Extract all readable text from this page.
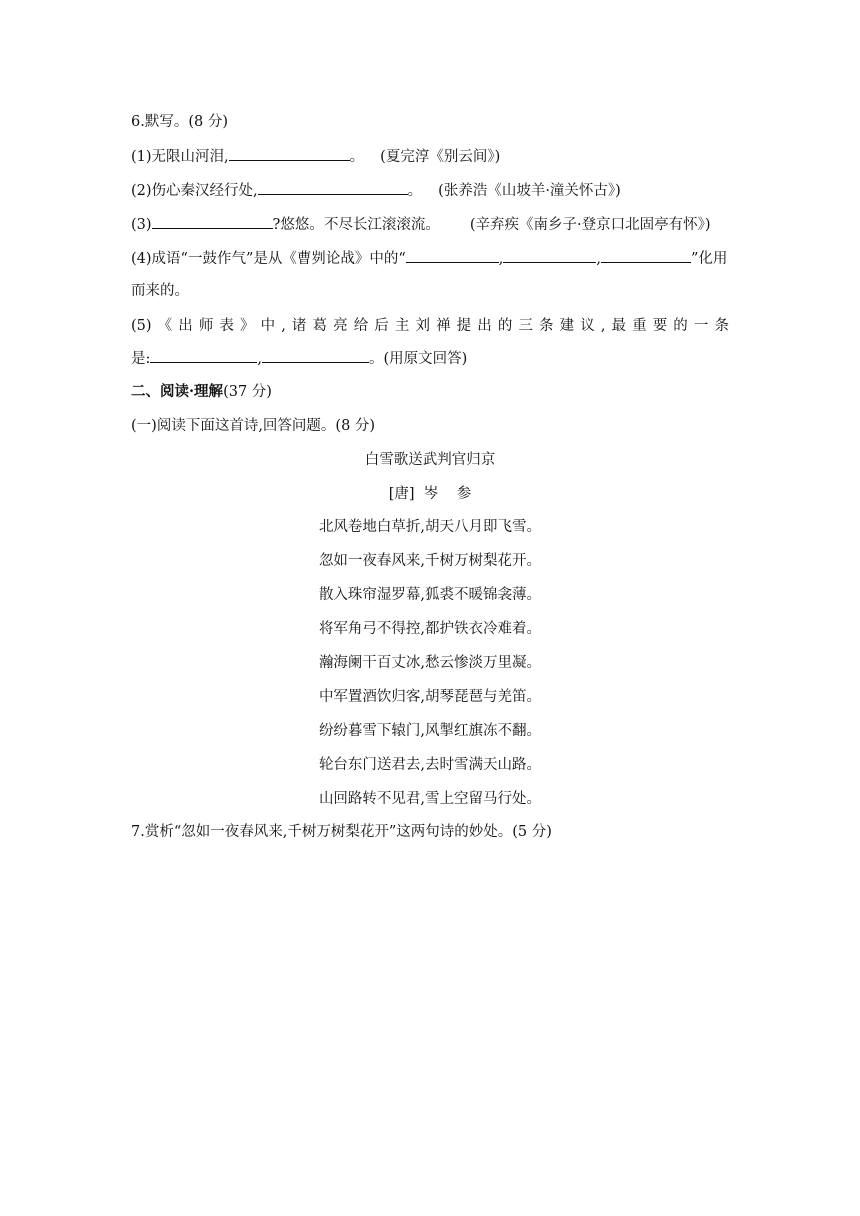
6.默写。(8 分)
(1)无限山河泪,	。 (夏完淳《别云间》)
(2)伤心秦汉经行处,	。 (张养浩《山坡羊·潼关怀古》)
(3)	?悠悠。不尽长江滚滚流。 (辛弃疾《南乡子·登京口北固亭有怀》)
(4)成语“一鼓作气”是从《曹刿论战》中的“	,	,	”化用
而来的。
(5) 《 出 师 表 》 中 , 诸 葛 亮 给 后 主 刘 禅 提 出 的 三 条 建 议 , 最 重 要 的 一 条
是:	,	。(用原文回答)
二、阅读·理解(37 分)
(一)阅读下面这首诗,回答问题。(8 分)
白雪歌送武判官归京
[唐]  岑    参
北风卷地白草折,胡天八月即飞雪。
忽如一夜春风来,千树万树梨花开。
散入珠帘湿罗幕,狐裘不暖锦衾薄。
将军角弓不得控,都护铁衣冷难着。
瀚海阑干百丈冰,愁云惨淡万里凝。
中军置酒饮归客,胡琴琵琶与羌笛。
纷纷暮雪下辕门,风掣红旗冻不翻。
轮台东门送君去,去时雪满天山路。
山回路转不见君,雪上空留马行处。
7.赏析“忽如一夜春风来,千树万树梨花开”这两句诗的妙处。(5 分)
